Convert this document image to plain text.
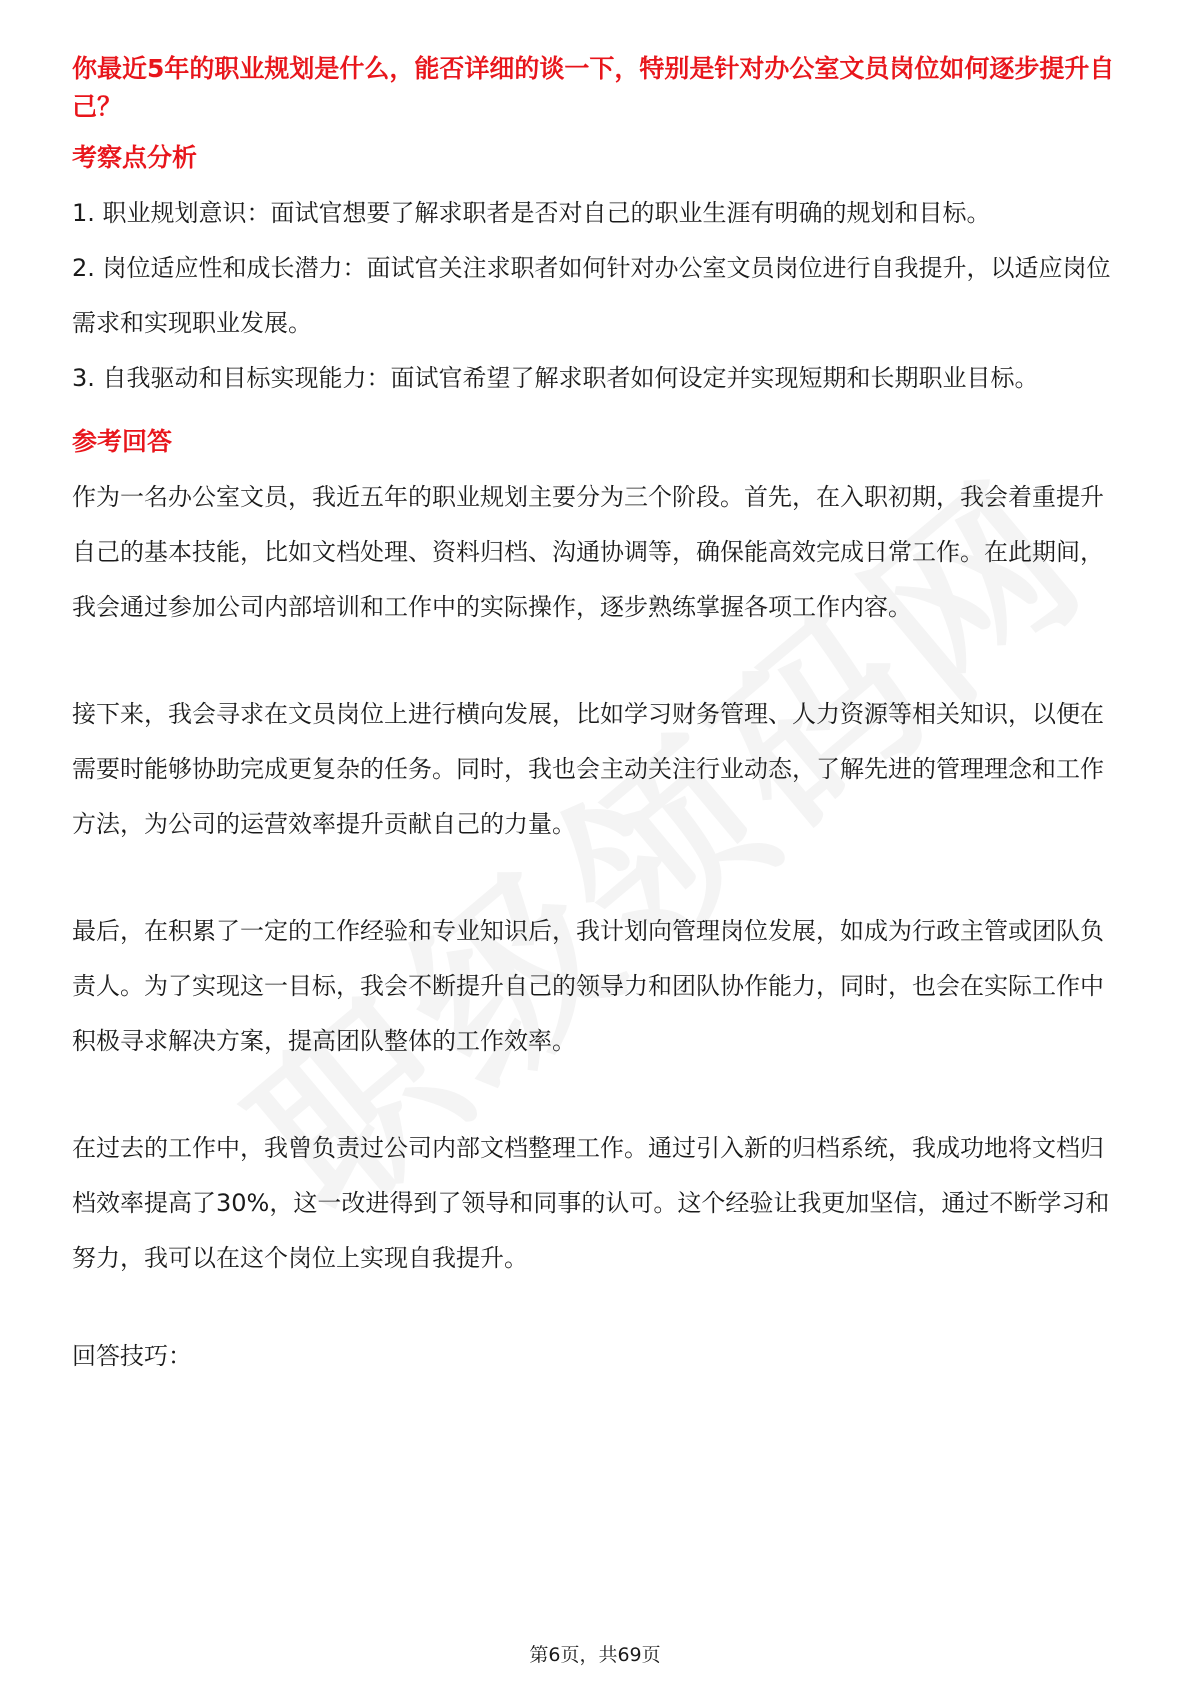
你最近5年的职业规划是什么，能否详细的谈一下，特别是针对办公室文员岗位如何逐步提升自己？

考察点分析

1. 职业规划意识：面试官想要了解求职者是否对自己的职业生涯有明确的规划和目标。

2. 岗位适应性和成长潜力：面试官关注求职者如何针对办公室文员岗位进行自我提升，以适应岗位需求和实现职业发展。

3. 自我驱动和目标实现能力：面试官希望了解求职者如何设定并实现短期和长期职业目标。

参考回答

作为一名办公室文员，我近五年的职业规划主要分为三个阶段。首先，在入职初期，我会着重提升自己的基本技能，比如文档处理、资料归档、沟通协调等，确保能高效完成日常工作。在此期间，我会通过参加公司内部培训和工作中的实际操作，逐步熟练掌握各项工作内容。

接下来，我会寻求在文员岗位上进行横向发展，比如学习财务管理、人力资源等相关知识，以便在需要时能够协助完成更复杂的任务。同时，我也会主动关注行业动态，了解先进的管理理念和工作方法，为公司的运营效率提升贡献自己的力量。

最后，在积累了一定的工作经验和专业知识后，我计划向管理岗位发展，如成为行政主管或团队负责人。为了实现这一目标，我会不断提升自己的领导力和团队协作能力，同时，也会在实际工作中积极寻求解决方案，提高团队整体的工作效率。

在过去的工作中，我曾负责过公司内部文档整理工作。通过引入新的归档系统，我成功地将文档归档效率提高了30%，这一改进得到了领导和同事的认可。这个经验让我更加坚信，通过不断学习和努力，我可以在这个岗位上实现自我提升。

回答技巧：

第6页，共69页
